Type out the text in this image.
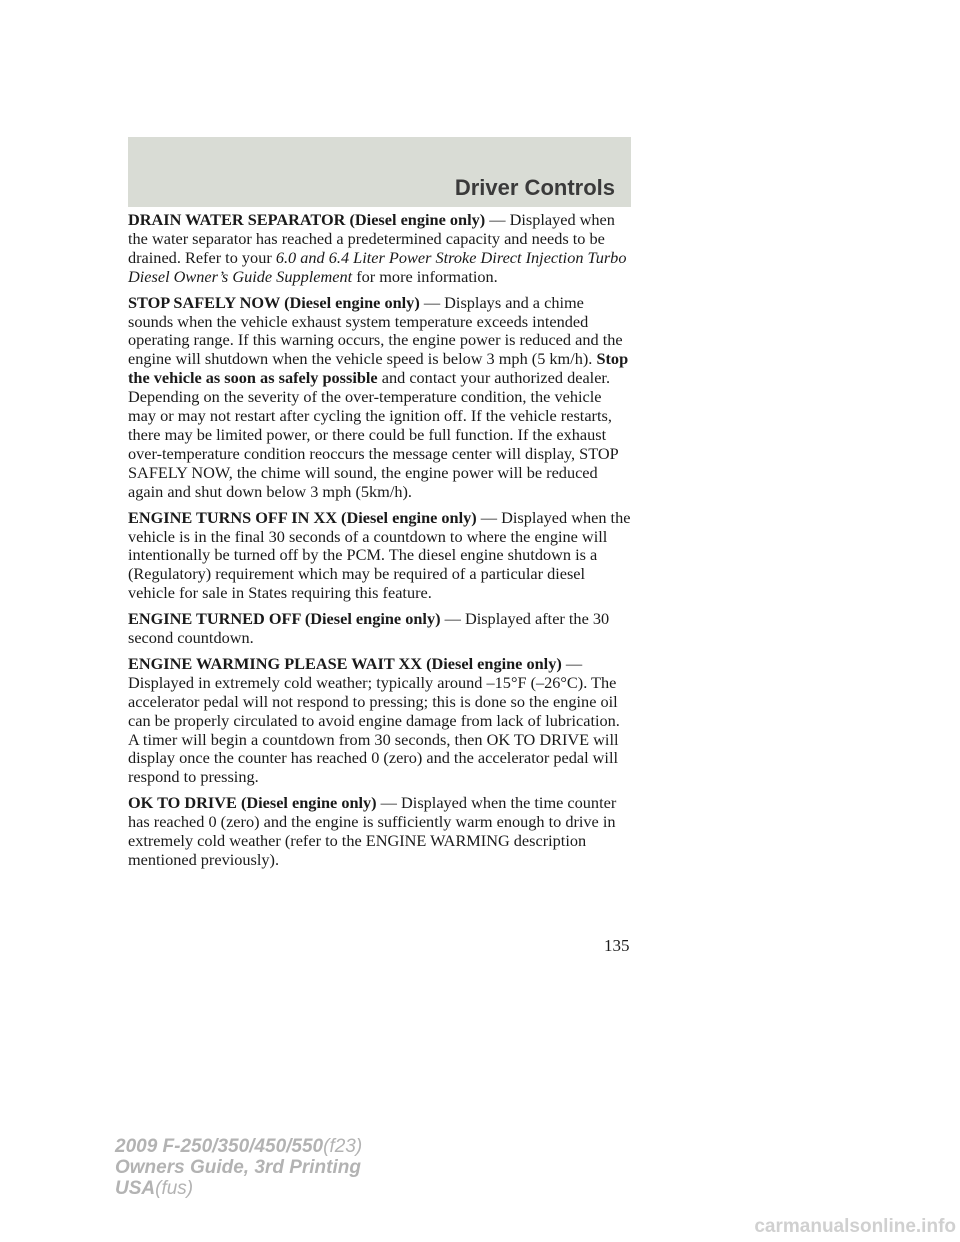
Driver Controls

DRAIN WATER SEPARATOR (Diesel engine only) — Displayed when the water separator has reached a predetermined capacity and needs to be drained. Refer to your 6.0 and 6.4 Liter Power Stroke Direct Injection Turbo Diesel Owner’s Guide Supplement for more information.

STOP SAFELY NOW (Diesel engine only) — Displays and a chime sounds when the vehicle exhaust system temperature exceeds intended operating range. If this warning occurs, the engine power is reduced and the engine will shutdown when the vehicle speed is below 3 mph (5 km/h). Stop the vehicle as soon as safely possible and contact your authorized dealer. Depending on the severity of the over-temperature condition, the vehicle may or may not restart after cycling the ignition off. If the vehicle restarts, there may be limited power, or there could be full function. If the exhaust over-temperature condition reoccurs the message center will display, STOP SAFELY NOW, the chime will sound, the engine power will be reduced again and shut down below 3 mph (5km/h).

ENGINE TURNS OFF IN XX (Diesel engine only) — Displayed when the vehicle is in the final 30 seconds of a countdown to where the engine will intentionally be turned off by the PCM. The diesel engine shutdown is a (Regulatory) requirement which may be required of a particular diesel vehicle for sale in States requiring this feature.

ENGINE TURNED OFF (Diesel engine only) — Displayed after the 30 second countdown.

ENGINE WARMING PLEASE WAIT XX (Diesel engine only) — Displayed in extremely cold weather; typically around –15°F (–26°C). The accelerator pedal will not respond to pressing; this is done so the engine oil can be properly circulated to avoid engine damage from lack of lubrication. A timer will begin a countdown from 30 seconds, then OK TO DRIVE will display once the counter has reached 0 (zero) and the accelerator pedal will respond to pressing.

OK TO DRIVE (Diesel engine only) — Displayed when the time counter has reached 0 (zero) and the engine is sufficiently warm enough to drive in extremely cold weather (refer to the ENGINE WARMING description mentioned previously).

135
2009 F-250/350/450/550(f23)
Owners Guide, 3rd Printing
USA(fus)
carmanualsonline.info
